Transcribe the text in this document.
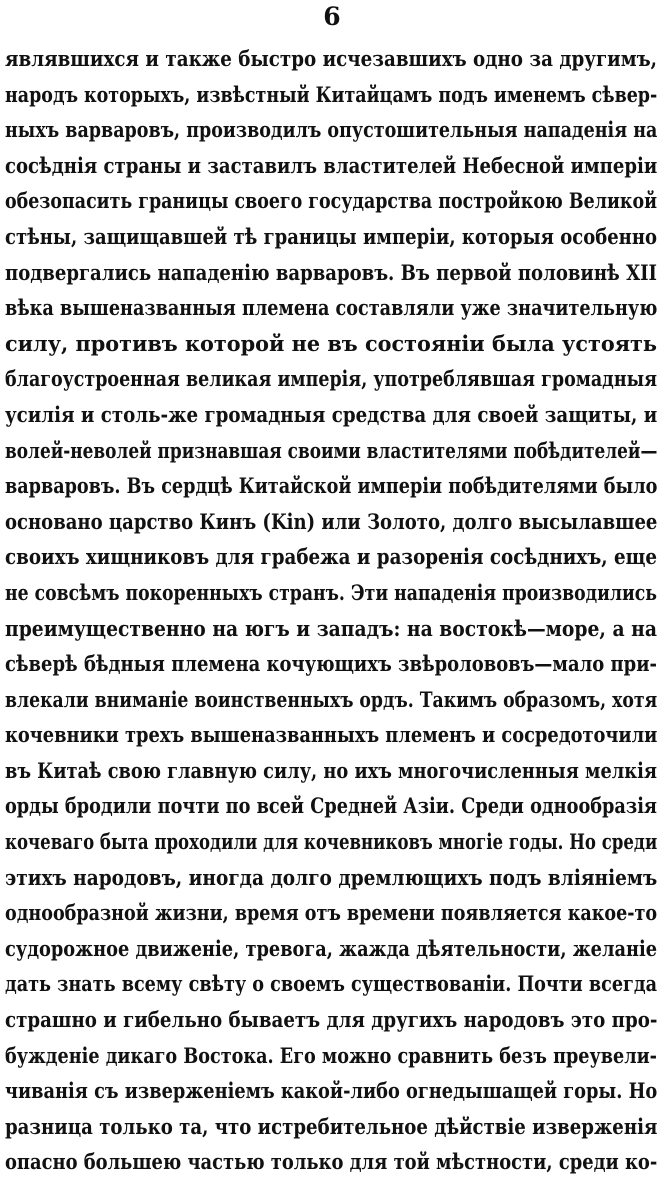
6
являвшихся и также быстро исчезавшихъ одно за другимъ,
народъ которыхъ, извѣстный Китайцамъ подъ именемъ сѣвер-
ныхъ варваровъ, производилъ опустошительныя нападенія на
сосѣднія страны и заставилъ властителей Небесной имперіи
обезопасить границы своего государства постройкою Великой
стѣны, защищавшей тѣ границы имперіи, которыя особенно
подвергались нападенію варваровъ. Въ первой половинѣ XII
вѣка вышеназванныя племена составляли уже значительную
силу, противъ которой не въ состояніи была устоять
благоустроенная великая имперія, употреблявшая громадныя
усилія и столь-же громадныя средства для своей защиты, и
волей-неволей признавшая своими властителями побѣдителей—
варваровъ. Въ сердцѣ Китайской имперіи побѣдителями было
основано царство Кинъ (Kin) или Золото, долго высылавшее
своихъ хищниковъ для грабежа и разоренія сосѣднихъ, еще
не совсѣмъ покоренныхъ странъ. Эти нападенія производились
преимущественно на югъ и западъ: на востокѣ—море, а на
сѣверѣ бѣдныя племена кочующихъ звѣролововъ—мало при-
влекали вниманіе воинственныхъ ордъ. Такимъ образомъ, хотя
кочевники трехъ вышеназванныхъ племенъ и сосредоточили
въ Китаѣ свою главную силу, но ихъ многочисленныя мелкія
орды бродили почти по всей Средней Азіи. Среди однообразія
кочеваго быта проходили для кочевниковъ многіе годы. Но среди
этихъ народовъ, иногда долго дремлющихъ подъ вліяніемъ
однообразной жизни, время отъ времени появляется какое-то
судорожное движеніе, тревога, жажда дѣятельности, желаніе
дать знать всему свѣту о своемъ существованіи. Почти всегда
страшно и гибельно бываетъ для другихъ народовъ это про-
бужденіе дикаго Востока. Его можно сравнить безъ преувели-
чиванія съ изверженіемъ какой-либо огнедышащей горы. Но
разница только та, что истребительное дѣйствіе изверженія
опасно большею частью только для той мѣстности, среди ко-
